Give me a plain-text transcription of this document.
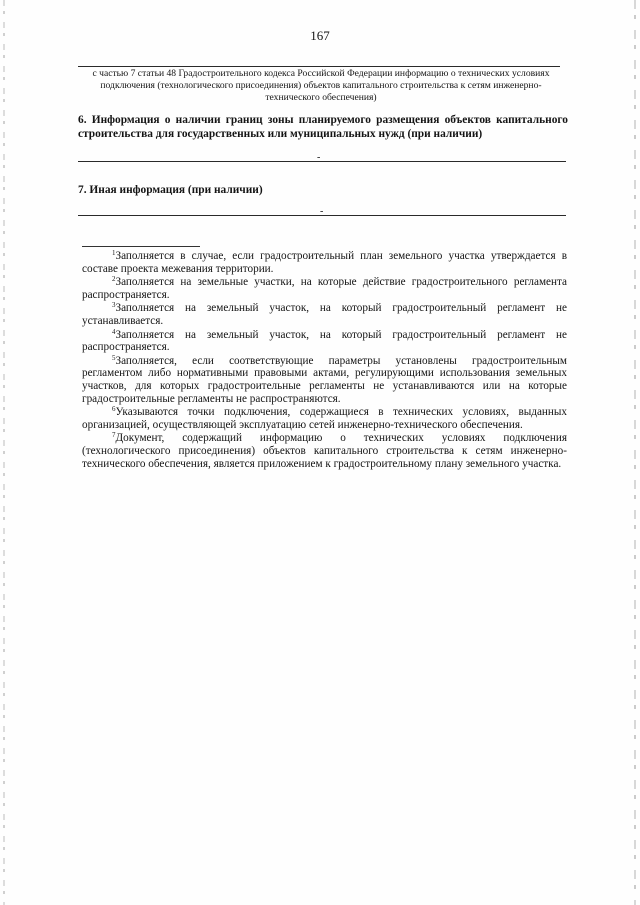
167
с частью 7 статьи 48 Градостроительного кодекса Российской Федерации информацию о технических условиях подключения (технологического присоединения) объектов капитального строительства к сетям инженерно-технического обеспечения)
6. Информация о наличии границ зоны планируемого размещения объектов капитального строительства для государственных или муниципальных нужд (при наличии)
-
7. Иная информация (при наличии)
-

$^1$Заполняется в случае, если градостроительный план земельного участка утверждается в составе проекта межевания территории.

$^2$Заполняется на земельные участки, на которые действие градостроительного регламента распространяется.

$^3$Заполняется на земельный участок, на который градостроительный регламент не устанавливается.

$^4$Заполняется на земельный участок, на который градостроительный регламент не распространяется.

$^5$Заполняется, если соответствующие параметры установлены градостроительным регламентом либо нормативными правовыми актами, регулирующими использования земельных участков, для которых градостроительные регламенты не устанавливаются или на которые градостроительные регламенты не распространяются.

$^6$Указываются точки подключения, содержащиеся в технических условиях, выданных организацией, осуществляющей эксплуатацию сетей инженерно-технического обеспечения.

$^7$Документ, содержащий информацию о технических условиях подключения (технологического присоединения) объектов капитального строительства к сетям инженерно-технического обеспечения, является приложением к градостроительному плану земельного участка.
